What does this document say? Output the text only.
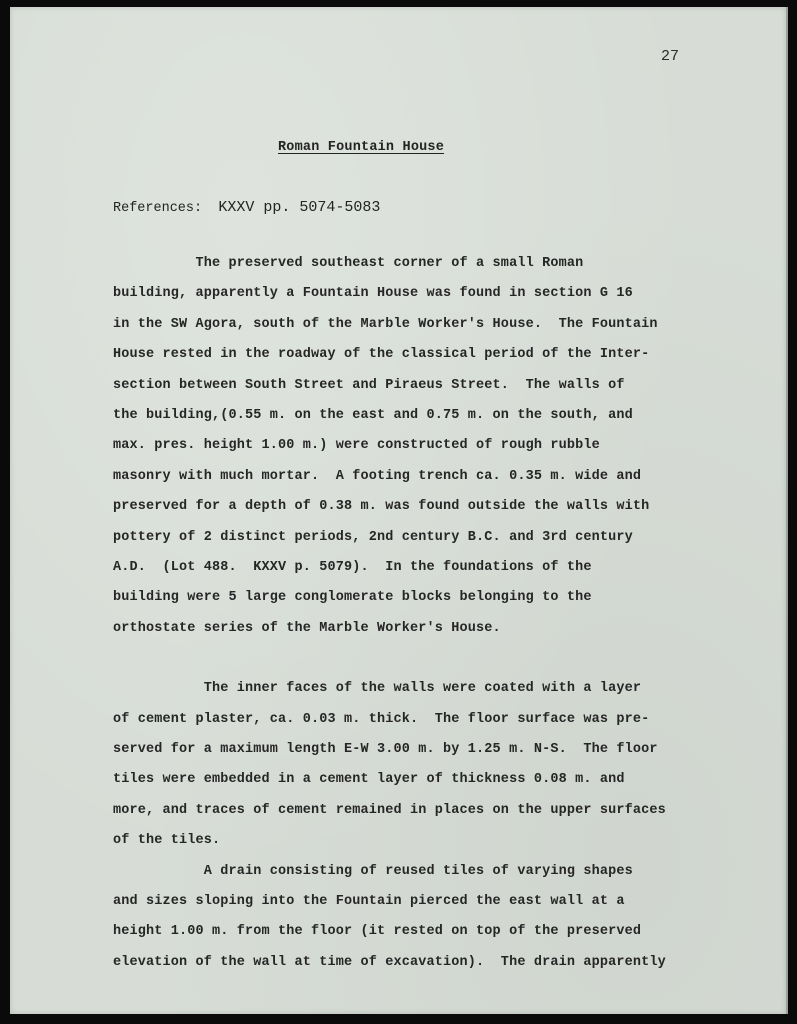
27
Roman Fountain House
References: KXXV pp. 5074-5083
The preserved southeast corner of a small Roman
building, apparently a Fountain House was found in section G 16
in the SW Agora, south of the Marble Worker's House.  The Fountain
House rested in the roadway of the classical period of the Inter-
section between South Street and Piraeus Street.  The walls of
the building,(0.55 m. on the east and 0.75 m. on the south, and
max. pres. height 1.00 m.) were constructed of rough rubble
masonry with much mortar.  A footing trench ca. 0.35 m. wide and
preserved for a depth of 0.38 m. was found outside the walls with
pottery of 2 distinct periods, 2nd century B.C. and 3rd century
A.D.  (Lot 488.  KXXV p. 5079).  In the foundations of the
building were 5 large conglomerate blocks belonging to the
orthostate series of the Marble Worker's House.
The inner faces of the walls were coated with a layer
of cement plaster, ca. 0.03 m. thick.  The floor surface was pre-
served for a maximum length E-W 3.00 m. by 1.25 m. N-S.  The floor
tiles were embedded in a cement layer of thickness 0.08 m. and
more, and traces of cement remained in places on the upper surfaces
of the tiles.
A drain consisting of reused tiles of varying shapes
and sizes sloping into the Fountain pierced the east wall at a
height 1.00 m. from the floor (it rested on top of the preserved
elevation of the wall at time of excavation).  The drain apparently
